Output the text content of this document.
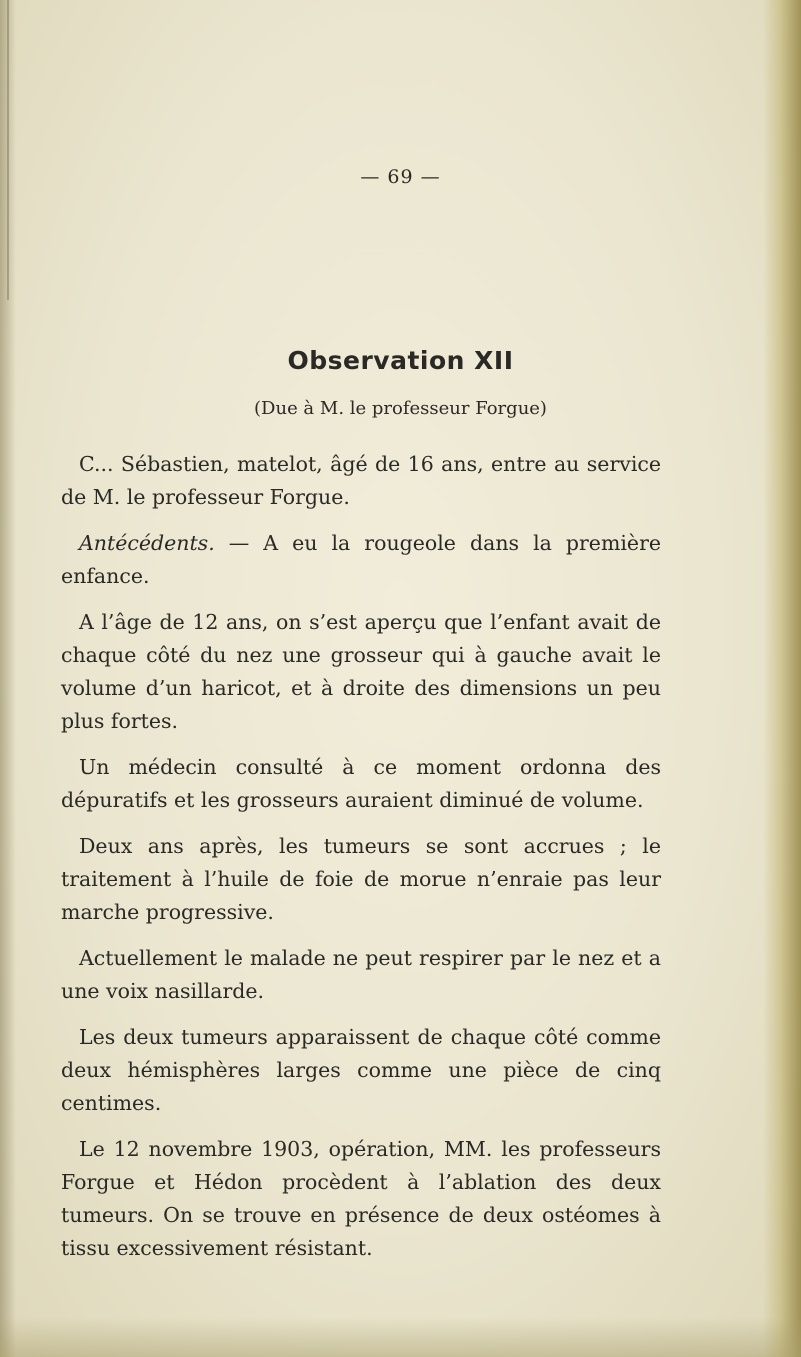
— 69 —
Observation XII
(Due à M. le professeur Forgue)

C... Sébastien, matelot, âgé de 16 ans, entre au service de M. le professeur Forgue.

Antécédents. — A eu la rougeole dans la première enfance.

A l’âge de 12 ans, on s’est aperçu que l’enfant avait de chaque côté du nez une grosseur qui à gauche avait le volume d’un haricot, et à droite des dimensions un peu plus fortes.

Un médecin consulté à ce moment ordonna des dépuratifs et les grosseurs auraient diminué de volume.

Deux ans après, les tumeurs se sont accrues ; le traitement à l’huile de foie de morue n’enraie pas leur marche progressive.

Actuellement le malade ne peut respirer par le nez et a une voix nasillarde.

Les deux tumeurs apparaissent de chaque côté comme deux hémisphères larges comme une pièce de cinq centimes.

Le 12 novembre 1903, opération, MM. les professeurs Forgue et Hédon procèdent à l’ablation des deux tumeurs. On se trouve en présence de deux ostéomes à tissu excessivement résistant.
